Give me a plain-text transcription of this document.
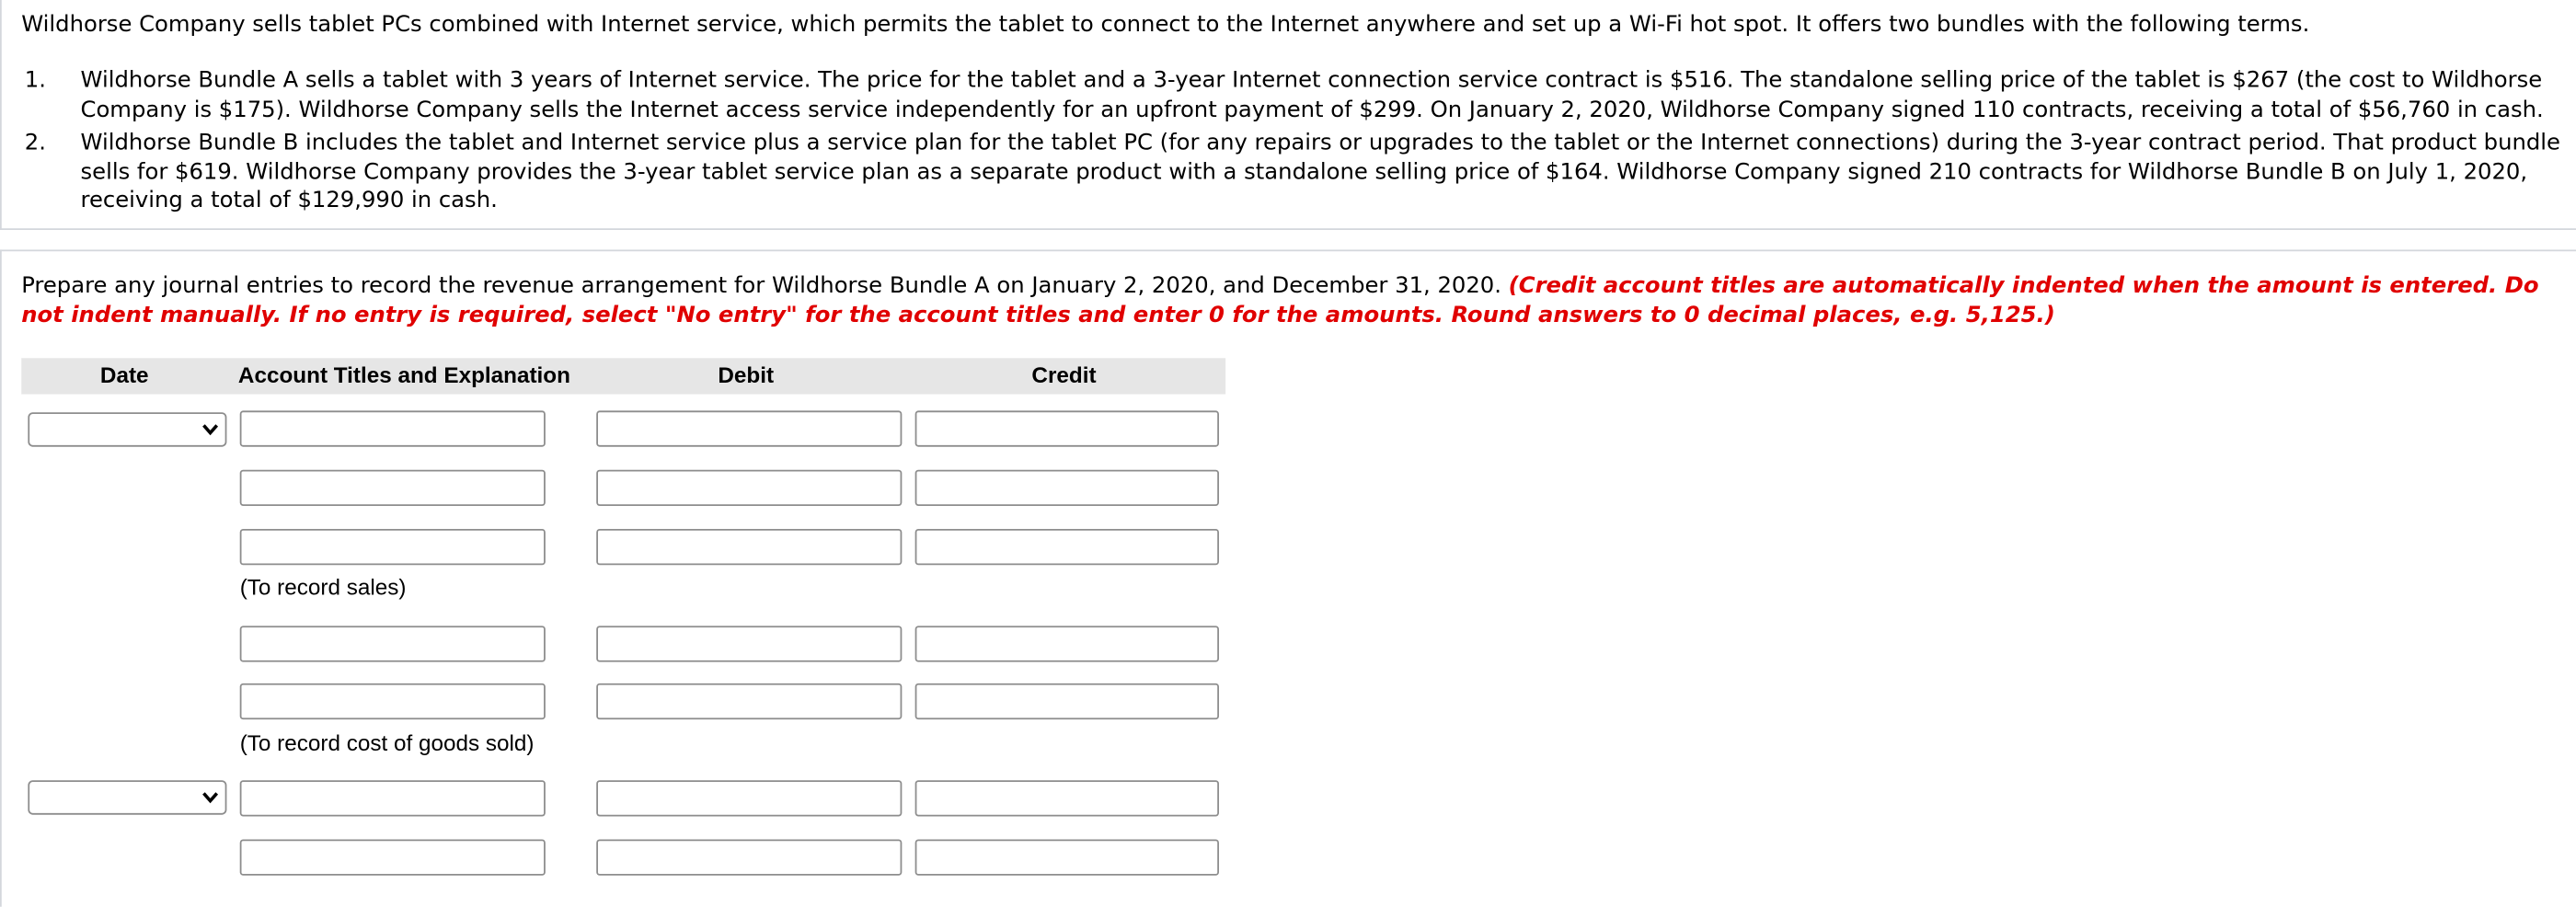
Wildhorse Company sells tablet PCs combined with Internet service, which permits the tablet to connect to the Internet anywhere and set up a Wi-Fi hot spot. It offers two bundles with the following terms.
1.	Wildhorse Bundle A sells a tablet with 3 years of Internet service. The price for the tablet and a 3-year Internet connection service contract is $516. The standalone selling price of the tablet is $267 (the cost to Wildhorse Company is $175). Wildhorse Company sells the Internet access service independently for an upfront payment of $299. On January 2, 2020, Wildhorse Company signed 110 contracts, receiving a total of $56,760 in cash.
2.	Wildhorse Bundle B includes the tablet and Internet service plus a service plan for the tablet PC (for any repairs or upgrades to the tablet or the Internet connections) during the 3-year contract period. That product bundle sells for $619. Wildhorse Company provides the 3-year tablet service plan as a separate product with a standalone selling price of $164. Wildhorse Company signed 210 contracts for Wildhorse Bundle B on July 1, 2020, receiving a total of $129,990 in cash.
Prepare any journal entries to record the revenue arrangement for Wildhorse Bundle A on January 2, 2020, and December 31, 2020. (Credit account titles are automatically indented when the amount is entered. Do not indent manually. If no entry is required, select "No entry" for the account titles and enter 0 for the amounts. Round answers to 0 decimal places, e.g. 5,125.)
Date	Account Titles and Explanation	Debit	Credit
(To record sales)
(To record cost of goods sold)
